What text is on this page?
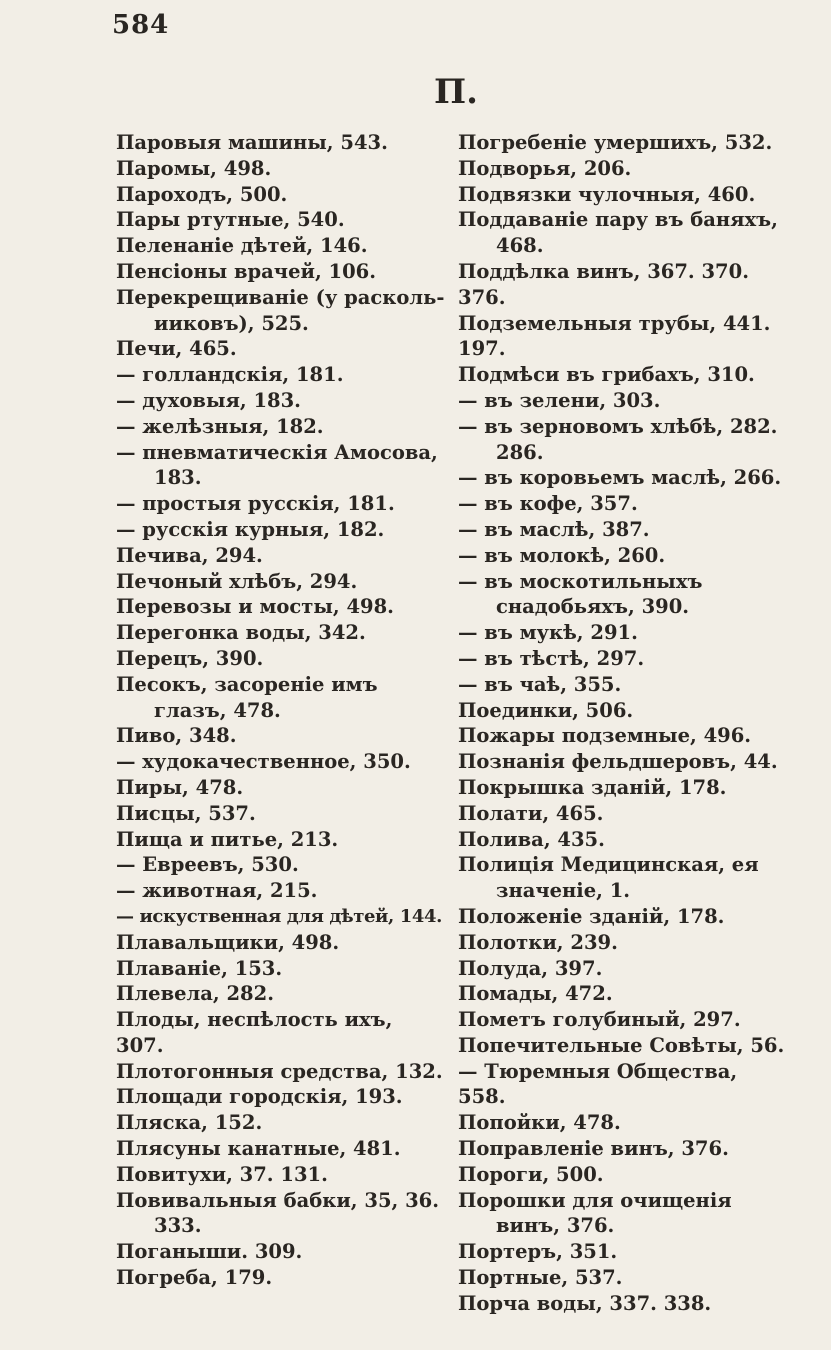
584
П.
Паровыя машины, 543.
Паромы, 498.
Пароходъ, 500.
Пары ртутные, 540.
Пеленаніе дѣтей, 146.
Пенсіоны врачей, 106.
Перекрещиваніе (у расколь-ииковъ), 525.
Печи, 465.
— голландскія, 181.
— духовыя, 183.
— желѣзныя, 182.
— пневматическія Амосова, 183.
— простыя русскія, 181.
— русскія курныя, 182.
Печива, 294.
Печоный хлѣбъ, 294.
Перевозы и мосты, 498.
Перегонка воды, 342.
Перецъ, 390.
Песокъ, засореніе имъ глазъ, 478.
Пиво, 348.
— худокачественное, 350.
Пиры, 478.
Писцы, 537.
Пища и питье, 213.
— Евреевъ, 530.
— животная, 215.
— искуственная для дѣтей, 144.
Плавальщики, 498.
Плаваніе, 153.
Плевела, 282.
Плоды, неспѣлость ихъ, 307.
Плотогонныя средства, 132.
Площади городскія, 193.
Пляска, 152.
Плясуны канатные, 481.
Повитухи, 37. 131.
Повивальныя бабки, 35, 36. 333.
Поганыши. 309.
Погреба, 179.
Погребеніе умершихъ, 532.
Подворья, 206.
Подвязки чулочныя, 460.
Поддаваніе пару въ баняхъ, 468.
Поддѣлка винъ, 367. 370. 376.
Подземельныя трубы, 441. 197.
Подмѣси въ грибахъ, 310.
— въ зелени, 303.
— въ зерновомъ хлѣбѣ, 282. 286.
— въ коровьемъ маслѣ, 266.
— въ кофе, 357.
— въ маслѣ, 387.
— въ молокѣ, 260.
— въ москотильныхъ снадобьяхъ, 390.
— въ мукѣ, 291.
— въ тѣстѣ, 297.
— въ чаѣ, 355.
Поединки, 506.
Пожары подземные, 496.
Познанія фельдшеровъ, 44.
Покрышка зданій, 178.
Полати, 465.
Полива, 435.
Полиція Медицинская, ея значеніе, 1.
Положеніе зданій, 178.
Полотки, 239.
Полуда, 397.
Помады, 472.
Пометъ голубиный, 297.
Попечительные Совѣты, 56.
— Тюремныя Общества, 558.
Попойки, 478.
Поправленіе винъ, 376.
Пороги, 500.
Порошки для очищенія винъ, 376.
Портеръ, 351.
Портные, 537.
Порча воды, 337. 338.
